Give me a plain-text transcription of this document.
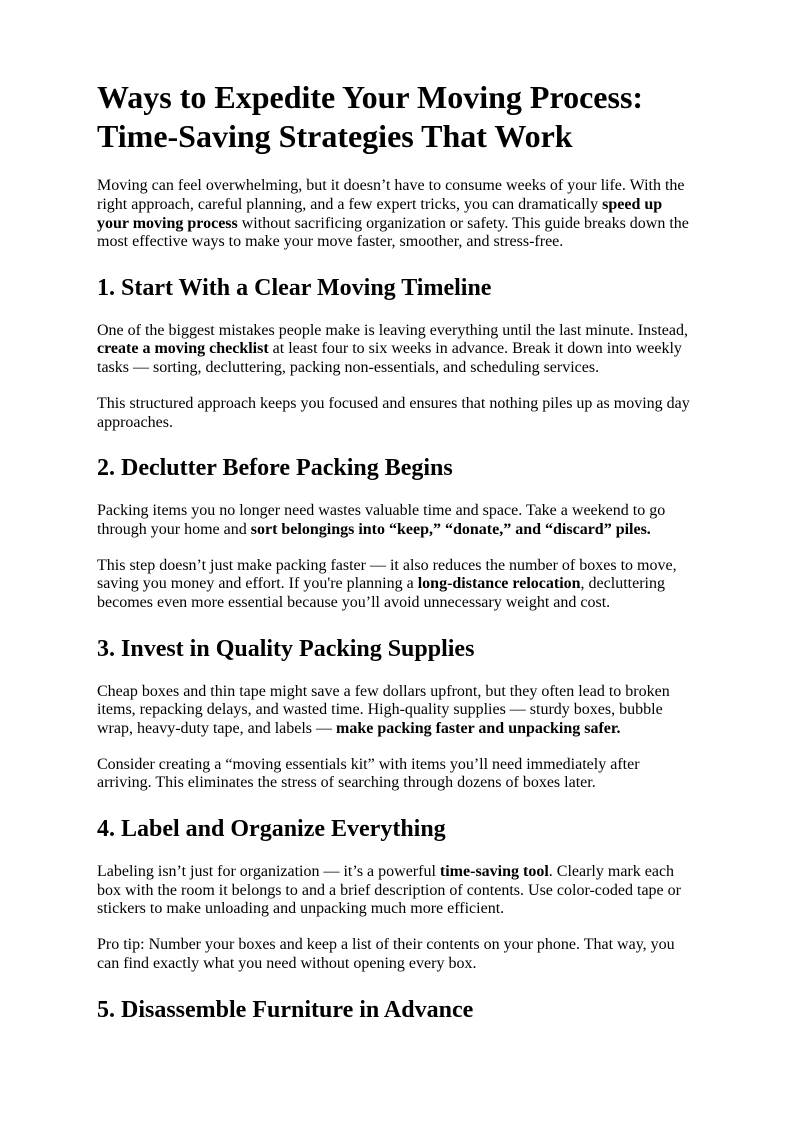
Ways to Expedite Your Moving Process: Time-Saving Strategies That Work

Moving can feel overwhelming, but it doesn’t have to consume weeks of your life. With the right approach, careful planning, and a few expert tricks, you can dramatically speed up your moving process without sacrificing organization or safety. This guide breaks down the most effective ways to make your move faster, smoother, and stress-free.

1. Start With a Clear Moving Timeline

One of the biggest mistakes people make is leaving everything until the last minute. Instead, create a moving checklist at least four to six weeks in advance. Break it down into weekly tasks — sorting, decluttering, packing non-essentials, and scheduling services.

This structured approach keeps you focused and ensures that nothing piles up as moving day approaches.

2. Declutter Before Packing Begins

Packing items you no longer need wastes valuable time and space. Take a weekend to go through your home and sort belongings into “keep,” “donate,” and “discard” piles.

This step doesn’t just make packing faster — it also reduces the number of boxes to move, saving you money and effort. If you're planning a long-distance relocation, decluttering becomes even more essential because you’ll avoid unnecessary weight and cost.

3. Invest in Quality Packing Supplies

Cheap boxes and thin tape might save a few dollars upfront, but they often lead to broken items, repacking delays, and wasted time. High-quality supplies — sturdy boxes, bubble wrap, heavy-duty tape, and labels — make packing faster and unpacking safer.

Consider creating a “moving essentials kit” with items you’ll need immediately after arriving. This eliminates the stress of searching through dozens of boxes later.

4. Label and Organize Everything

Labeling isn’t just for organization — it’s a powerful time-saving tool. Clearly mark each box with the room it belongs to and a brief description of contents. Use color-coded tape or stickers to make unloading and unpacking much more efficient.

Pro tip: Number your boxes and keep a list of their contents on your phone. That way, you can find exactly what you need without opening every box.

5. Disassemble Furniture in Advance
